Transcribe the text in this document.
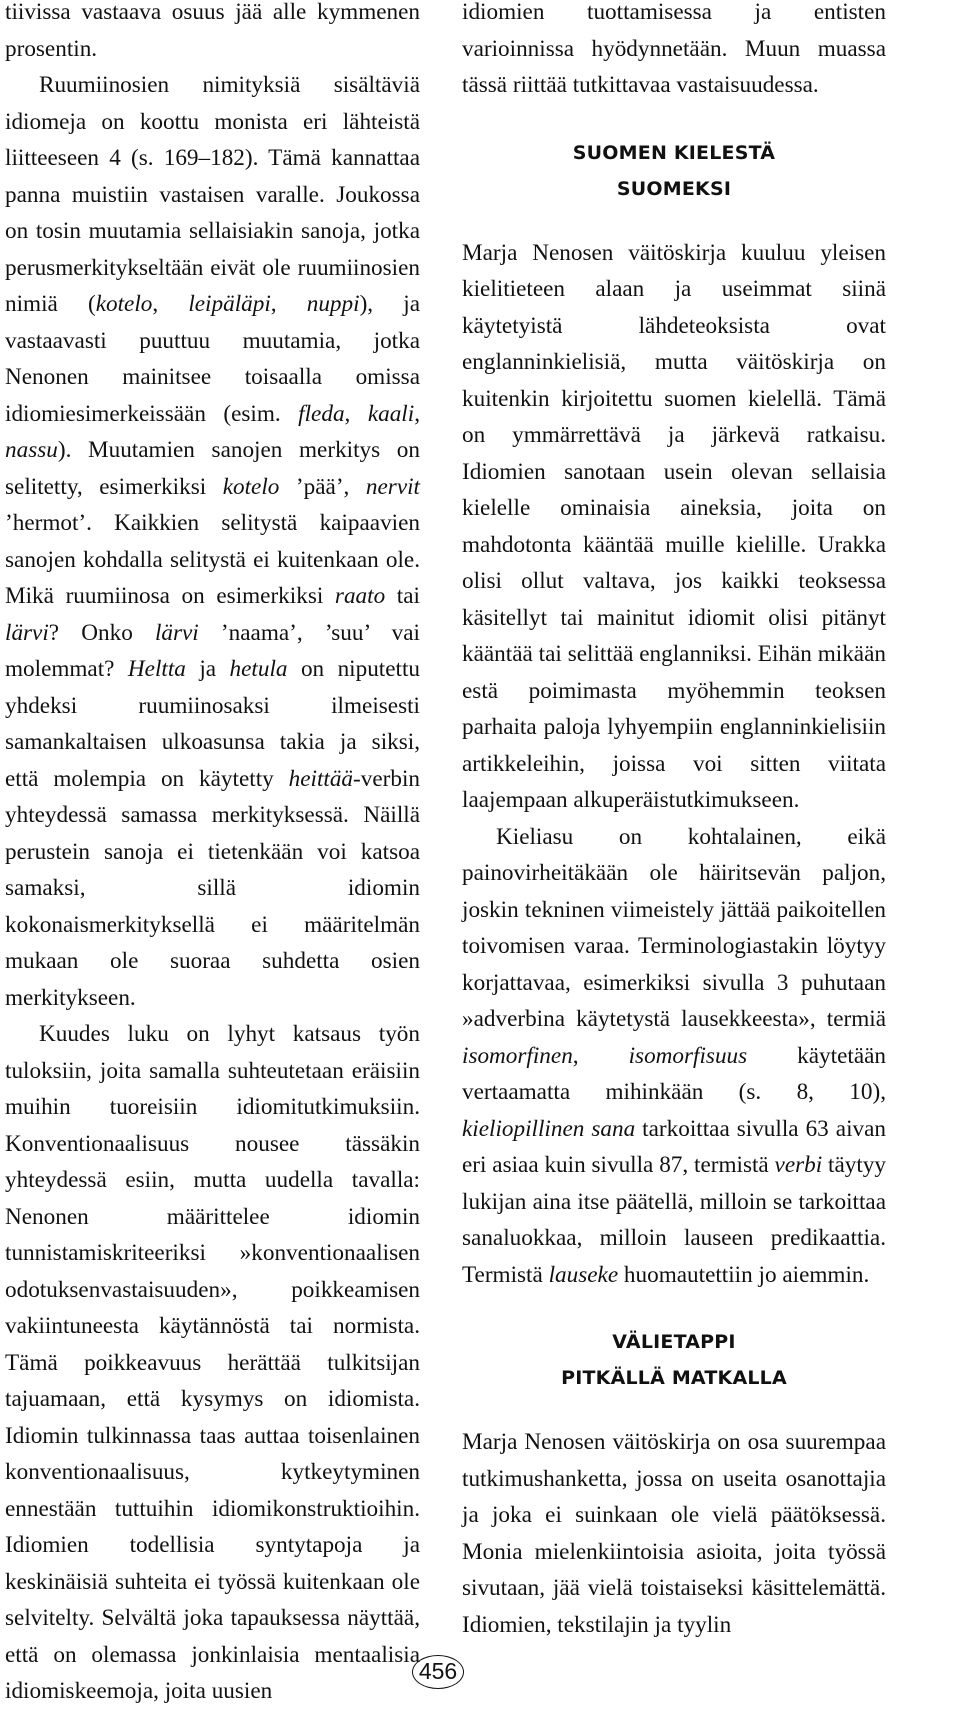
tiivissa vastaava osuus jää alle kymmenen prosentin.

Ruumiinosien nimityksiä sisältäviä idiomeja on koottu monista eri lähteistä liitteeseen 4 (s. 169–182). Tämä kannattaa panna muistiin vastaisen varalle. Joukossa on tosin muutamia sellaisiakin sanoja, jotka perusmerkitykseltään eivät ole ruumiinosien nimiä (kotelo, leipäläpi, nuppi), ja vastaavasti puuttuu muutamia, jotka Nenonen mainitsee toisaalla omissa idiomiesimerkeissään (esim. fleda, kaali, nassu). Muutamien sanojen merkitys on selitetty, esimerkiksi kotelo ’pää’, nervit ’hermot’. Kaikkien selitystä kaipaavien sanojen kohdalla selitystä ei kuitenkaan ole. Mikä ruumiinosa on esimerkiksi raato tai lärvi? Onko lärvi ’naama’, ’suu’ vai molemmat? Heltta ja hetula on niputettu yhdeksi ruumiinosaksi ilmeisesti samankaltaisen ulkoasunsa takia ja siksi, että molempia on käytetty heittää-verbin yhteydessä samassa merkityksessä. Näillä perustein sanoja ei tietenkään voi katsoa samaksi, sillä idiomin kokonaismerkityksellä ei määritelmän mukaan ole suoraa suhdetta osien merkitykseen.

Kuudes luku on lyhyt katsaus työn tuloksiin, joita samalla suhteutetaan eräisiin muihin tuoreisiin idiomitutkimuksiin. Konventionaalisuus nousee tässäkin yhteydessä esiin, mutta uudella tavalla: Nenonen määrittelee idiomin tunnistamiskriteeriksi »konventionaalisen odotuksenvastaisuuden», poikkeamisen vakiintuneesta käytännöstä tai normista. Tämä poikkeavuus herättää tulkitsijan tajuamaan, että kysymys on idiomista. Idiomin tulkinnassa taas auttaa toisenlainen konventionaalisuus, kytkeytyminen ennestään tuttuihin idiomikonstruktioihin. Idiomien todellisia syntytapoja ja keskinäisiä suhteita ei työssä kuitenkaan ole selvitelty. Selvältä joka tapauksessa näyttää, että on olemassa jonkinlaisia mentaalisia idiomiskeemoja, joita uusien

idiomien tuottamisessa ja entisten varioinnissa hyödynnetään. Muun muassa tässä riittää tutkittavaa vastaisuudessa.

SUOMEN KIELESTÄ
SUOMEKSI

Marja Nenosen väitöskirja kuuluu yleisen kielitieteen alaan ja useimmat siinä käytetyistä lähdeteoksista ovat englanninkielisiä, mutta väitöskirja on kuitenkin kirjoitettu suomen kielellä. Tämä on ymmärrettävä ja järkevä ratkaisu. Idiomien sanotaan usein olevan sellaisia kielelle ominaisia aineksia, joita on mahdotonta kääntää muille kielille. Urakka olisi ollut valtava, jos kaikki teoksessa käsitellyt tai mainitut idiomit olisi pitänyt kääntää tai selittää englanniksi. Eihän mikään estä poimimasta myöhemmin teoksen parhaita paloja lyhyempiin englanninkielisiin artikkeleihin, joissa voi sitten viitata laajempaan alkuperäistutkimukseen.

Kieliasu on kohtalainen, eikä painovirheitäkään ole häiritsevän paljon, joskin tekninen viimeistely jättää paikoitellen toivomisen varaa. Terminologiastakin löytyy korjattavaa, esimerkiksi sivulla 3 puhutaan »adverbina käytetystä lausekkeesta», termiä isomorfinen, isomorfisuus käytetään vertaamatta mihinkään (s. 8, 10), kieliopillinen sana tarkoittaa sivulla 63 aivan eri asiaa kuin sivulla 87, termistä verbi täytyy lukijan aina itse päätellä, milloin se tarkoittaa sanaluokkaa, milloin lauseen predikaattia. Termistä lauseke huomautettiin jo aiemmin.

VÄLIETAPPI
PITKÄLLÄ MATKALLA

Marja Nenosen väitöskirja on osa suurempaa tutkimushanketta, jossa on useita osanottajia ja joka ei suinkaan ole vielä päätöksessä. Monia mielenkiintoisia asioita, joita työssä sivutaan, jää vielä toistaiseksi käsittelemättä. Idiomien, tekstilajin ja tyylin

456
